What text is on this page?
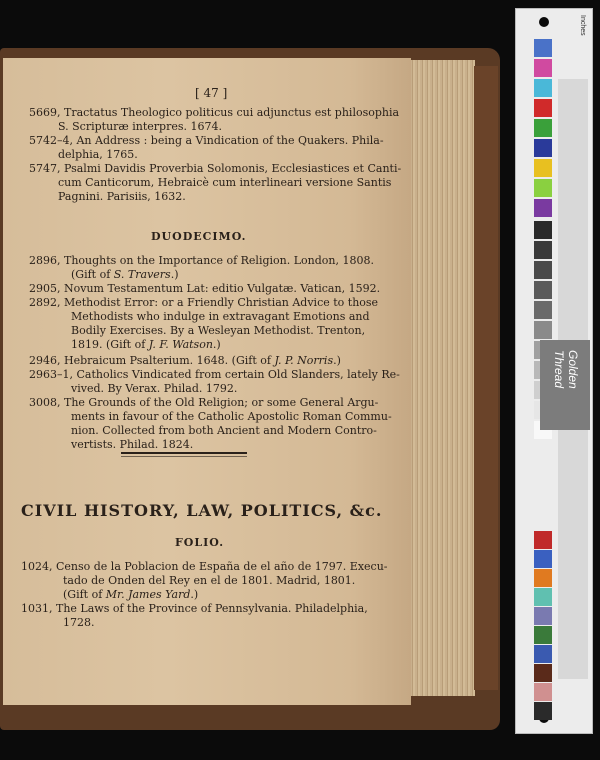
[ 47 ]
5669, Tractatus Theologico politicus cui adjunctus est philosophia
S. Scripturæ interpres. 1674.
5742–4, An Address : being a Vindication of the Quakers. Phila-
delphia, 1765.
5747, Psalmi Davidis Proverbia Solomonis, Ecclesiastices et Canti-
cum Canticorum, Hebraicè cum interlineari versione Santis
Pagnini. Parisiis, 1632.
DUODECIMO.
2896, Thoughts on the Importance of Religion. London, 1808.
(Gift of S. Travers.)
2905, Novum Testamentum Lat: editio Vulgatæ. Vatican, 1592.
2892, Methodist Error: or a Friendly Christian Advice to those
Methodists who indulge in extravagant Emotions and
Bodily Exercises. By a Wesleyan Methodist. Trenton,
1819. (Gift of J. F. Watson.)
2946, Hebraicum Psalterium. 1648. (Gift of J. P. Norris.)
2963–1, Catholics Vindicated from certain Old Slanders, lately Re-
vived. By Verax. Philad. 1792.
3008, The Grounds of the Old Religion; or some General Argu-
ments in favour of the Catholic Apostolic Roman Commu-
nion. Collected from both Ancient and Modern Contro-
vertists. Philad. 1824.
CIVIL HISTORY, LAW, POLITICS, &c.
FOLIO.
1024, Censo de la Poblacion de España de el año de 1797. Execu-
tado de Onden del Rey en el de 1801. Madrid, 1801.
(Gift of Mr. James Yard.)
1031, The Laws of the Province of Pennsylvania. Philadelphia,
1728.
Inches
Golden Thread
